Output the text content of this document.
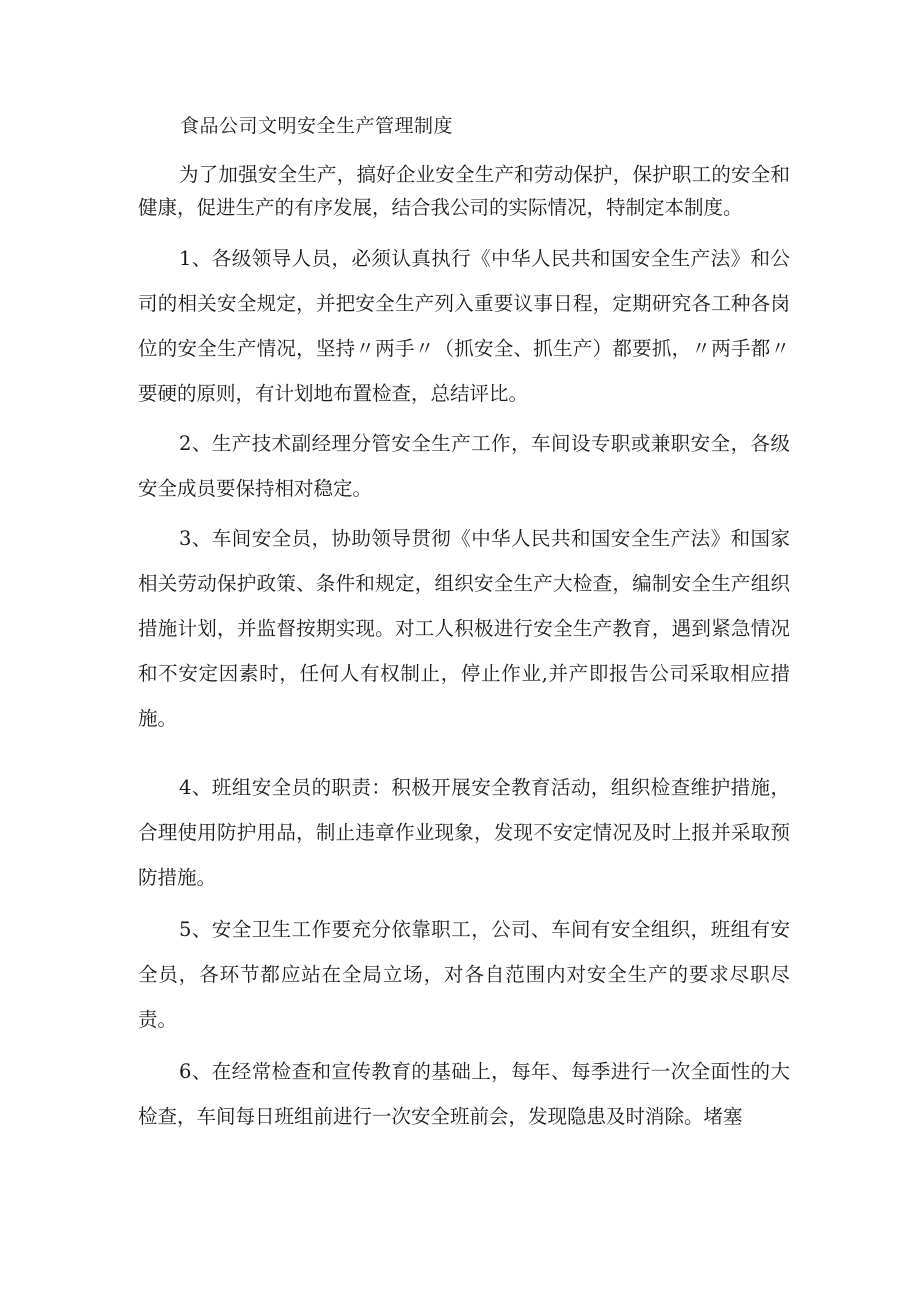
食品公司文明安全生产管理制度
为了加强安全生产，搞好企业安全生产和劳动保护，保护职工的安全和健康，促进生产的有序发展，结合我公司的实际情况，特制定本制度。
1、各级领导人员，必须认真执行《中华人民共和国安全生产法》和公司的相关安全规定，并把安全生产列入重要议事日程，定期研究各工种各岗位的安全生产情况，坚持〃两手〃（抓安全、抓生产）都要抓，〃两手都〃要硬的原则，有计划地布置检查，总结评比。
2、生产技术副经理分管安全生产工作，车间设专职或兼职安全，各级安全成员要保持相对稳定。
3、车间安全员，协助领导贯彻《中华人民共和国安全生产法》和国家相关劳动保护政策、条件和规定，组织安全生产大检查，编制安全生产组织措施计划，并监督按期实现。对工人积极进行安全生产教育，遇到紧急情况和不安定因素时，任何人有权制止，停止作业,并产即报告公司采取相应措施。
4、班组安全员的职责：积极开展安全教育活动，组织检查维护措施，合理使用防护用品，制止违章作业现象，发现不安定情况及时上报并采取预防措施。
5、安全卫生工作要充分依靠职工，公司、车间有安全组织，班组有安全员，各环节都应站在全局立场，对各自范围内对安全生产的要求尽职尽责。
6、在经常检查和宣传教育的基础上，每年、每季进行一次全面性的大检查，车间每日班组前进行一次安全班前会，发现隐患及时消除。堵塞
